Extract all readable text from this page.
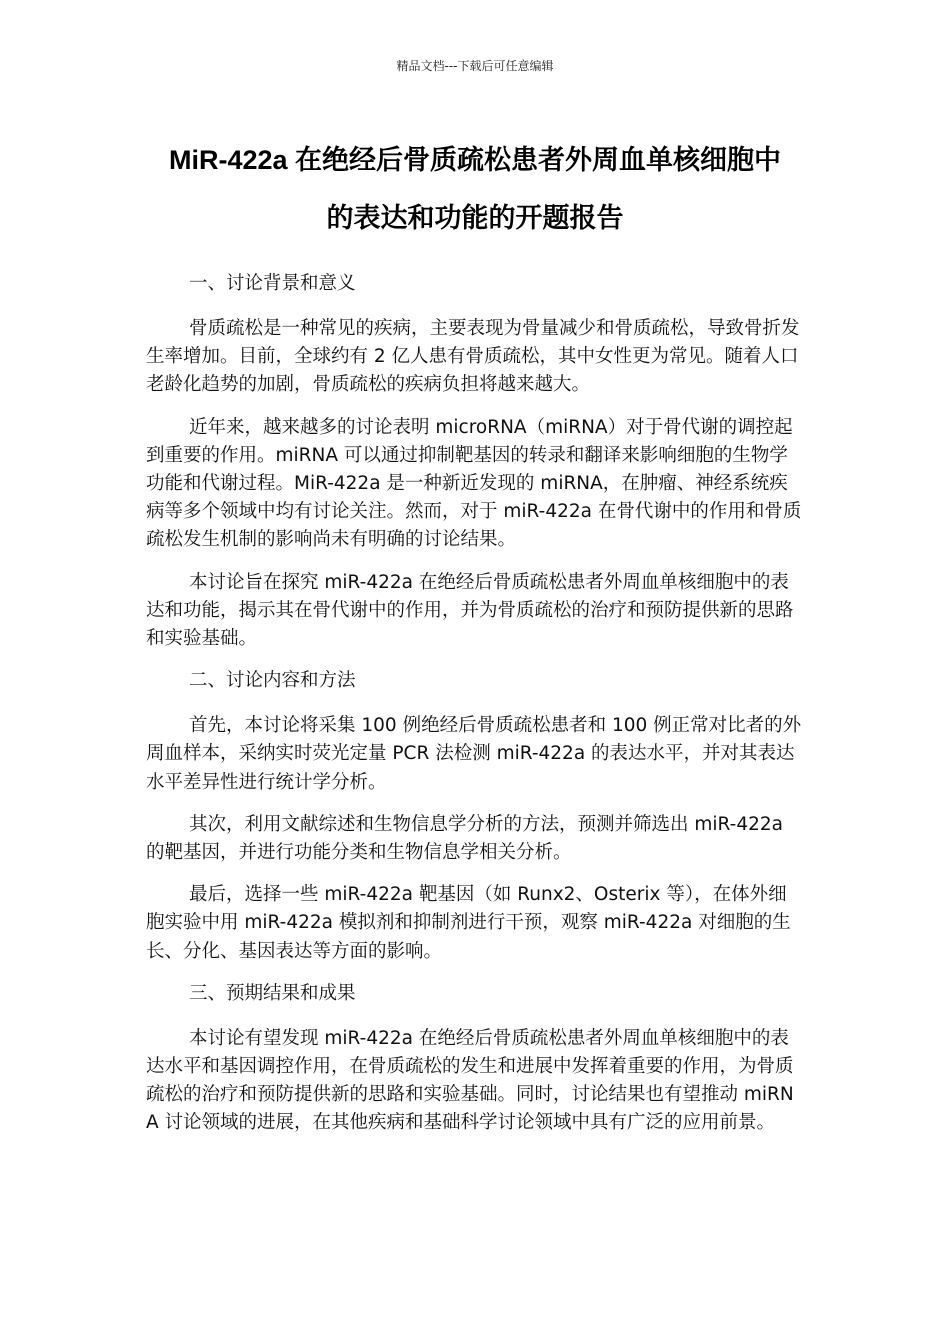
精品文档---下载后可任意编辑
MiR-422a 在绝经后骨质疏松患者外周血单核细胞中
的表达和功能的开题报告

一、讨论背景和意义

骨质疏松是一种常见的疾病，主要表现为骨量减少和骨质疏松，导致骨折发生率增加。目前，全球约有 2 亿人患有骨质疏松，其中女性更为常见。随着人口老龄化趋势的加剧，骨质疏松的疾病负担将越来越大。

近年来，越来越多的讨论表明 microRNA（miRNA）对于骨代谢的调控起到重要的作用。miRNA 可以通过抑制靶基因的转录和翻译来影响细胞的生物学功能和代谢过程。MiR-422a 是一种新近发现的 miRNA，在肿瘤、神经系统疾病等多个领域中均有讨论关注。然而，对于 miR-422a 在骨代谢中的作用和骨质疏松发生机制的影响尚未有明确的讨论结果。

本讨论旨在探究 miR-422a 在绝经后骨质疏松患者外周血单核细胞中的表达和功能，揭示其在骨代谢中的作用，并为骨质疏松的治疗和预防提供新的思路和实验基础。

二、讨论内容和方法

首先，本讨论将采集 100 例绝经后骨质疏松患者和 100 例正常对比者的外周血样本，采纳实时荧光定量 PCR 法检测 miR-422a 的表达水平，并对其表达水平差异性进行统计学分析。

其次，利用文献综述和生物信息学分析的方法，预测并筛选出 miR-422a 的靶基因，并进行功能分类和生物信息学相关分析。

最后，选择一些 miR-422a 靶基因（如 Runx2、Osterix 等），在体外细胞实验中用 miR-422a 模拟剂和抑制剂进行干预，观察 miR-422a 对细胞的生长、分化、基因表达等方面的影响。

三、预期结果和成果

本讨论有望发现 miR-422a 在绝经后骨质疏松患者外周血单核细胞中的表达水平和基因调控作用，在骨质疏松的发生和进展中发挥着重要的作用，为骨质疏松的治疗和预防提供新的思路和实验基础。同时，讨论结果也有望推动 miRNA 讨论领域的进展，在其他疾病和基础科学讨论领域中具有广泛的应用前景。
